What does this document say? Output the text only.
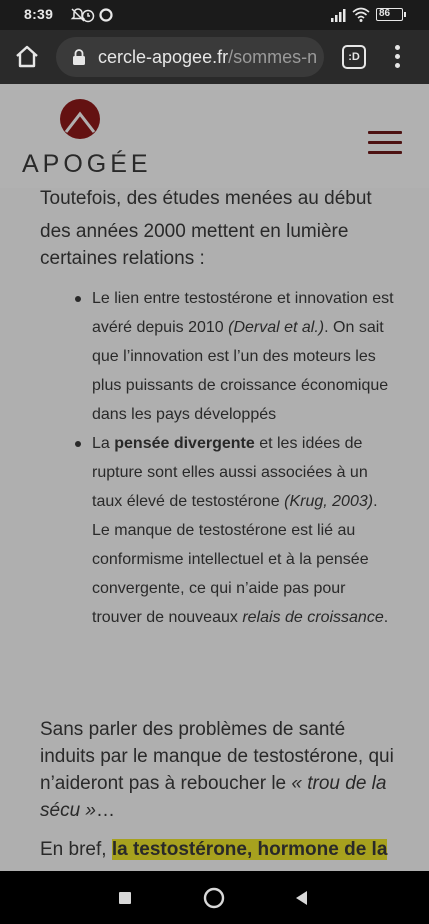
8:39	86
cercle-apogee.fr/sommes-n	:D
Toutefois, des études menées au début
APOGÉE
des années 2000 mettent en lumière
certaines relations :
Le lien entre testostérone et innovation est avéré depuis 2010 (Derval et al.). On sait que l’innovation est l’un des moteurs les plus puissants de croissance économique dans les pays développés
La pensée divergente et les idées de rupture sont elles aussi associées à un taux élevé de testostérone (Krug, 2003). Le manque de testostérone est lié au conformisme intellectuel et à la pensée convergente, ce qui n’aide pas pour trouver de nouveaux relais de croissance.

Sans parler des problèmes de santé induits par le manque de testostérone, qui n’aideront pas à reboucher le « trou de la sécu »…

En bref, la testostérone, hormone de la
